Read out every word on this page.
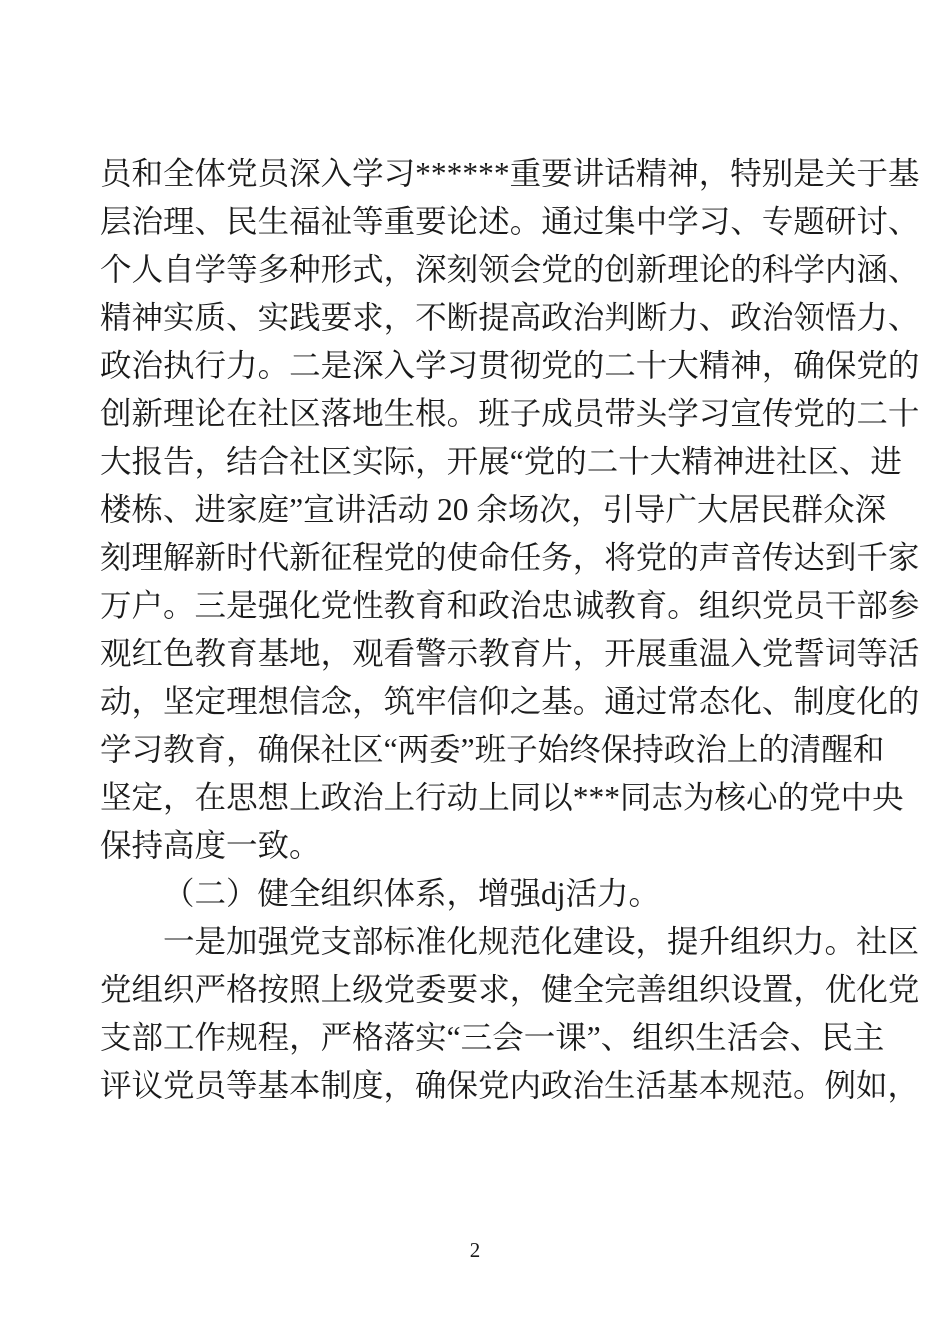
员 和 全 体 党 员 深 入 学 习 * * * * * * 重 要 讲 话 精 神 ， 特 别 是 关 于 基
层 治 理 、 民 生 福 祉 等 重 要 论 述 。 通 过 集 中 学 习 、 专 题 研 讨 、
个 人 自 学 等 多 种 形 式 ， 深 刻 领 会 党 的 创 新 理 论 的 科 学 内 涵 、
精 神 实 质 、 实 践 要 求 ， 不 断 提 高 政 治 判 断 力 、 政 治 领 悟 力 、
政 治 执 行 力 。 二 是 深 入 学 习 贯 彻 党 的 二 十 大 精 神 ， 确 保 党 的
创 新 理 论 在 社 区 落 地 生 根 。 班 子 成 员 带 头 学 习 宣 传 党 的 二 十
大 报 告 ， 结 合 社 区 实 际 ， 开 展 “ 党 的 二 十 大 精 神 进 社 区 、 进
楼 栋 、 进 家 庭 ” 宣 讲 活 动
2 0
余 场 次 ， 引 导 广 大 居 民 群 众 深
刻 理 解 新 时 代 新 征 程 党 的 使 命 任 务 ， 将 党 的 声 音 传 达 到 千 家
万 户 。 三 是 强 化 党 性 教 育 和 政 治 忠 诚 教 育 。 组 织 党 员 干 部 参
观 红 色 教 育 基 地 ， 观 看 警 示 教 育 片 ， 开 展 重 温 入 党 誓 词 等 活
动 ， 坚 定 理 想 信 念 ， 筑 牢 信 仰 之 基 。 通 过 常 态 化 、 制 度 化 的
学 习 教 育 ， 确 保 社 区 “ 两 委 ” 班 子 始 终 保 持 政 治 上 的 清 醒 和
坚 定 ， 在 思 想 上 政 治 上 行 动 上 同 以 * * * 同 志 为 核 心 的 党 中 央
保持高度一致。
（二）健全组织体系，增强dj活力。
一是加强党支部标准化规范化建设，提升组织力。社区
党 组 织 严 格 按 照 上 级 党 委 要 求 ， 健 全 完 善 组 织 设 置 ， 优 化 党
支 部 工 作 规 程 ， 严 格 落 实 “ 三 会 一 课 ” 、 组 织 生 活 会 、 民 主
评议党员等基本制度，确保党内政治生活基本规范。例如，
2
